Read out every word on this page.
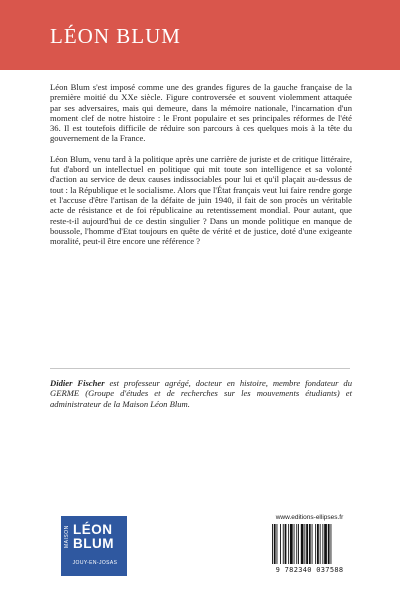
LÉON BLUM

Léon Blum s'est imposé comme une des grandes figures de la gauche française de la première moitié du XXe siècle. Figure controversée et souvent violemment attaquée par ses adversaires, mais qui demeure, dans la mémoire nationale, l'incarnation d'un moment clef de notre histoire : le Front populaire et ses principales réformes de l'été 36. Il est toutefois difficile de réduire son parcours à ces quelques mois à la tête du gouvernement de la France.

Léon Blum, venu tard à la politique après une carrière de juriste et de critique littéraire, fut d'abord un intellectuel en politique qui mit toute son intelligence et sa volonté d'action au service de deux causes indissociables pour lui et qu'il plaçait au-dessus de tout : la République et le socialisme. Alors que l'État français veut lui faire rendre gorge et l'accuse d'être l'artisan de la défaite de juin 1940, il fait de son procès un véritable acte de résistance et de foi républicaine au retentissement mondial. Pour autant, que reste-t-il aujourd'hui de ce destin singulier ? Dans un monde politique en manque de boussole, l'homme d'Etat toujours en quête de vérité et de justice, doté d'une exigeante moralité, peut-il être encore une référence ?

Didier Fischer est professeur agrégé, docteur en histoire, membre fondateur du GERME (Groupe d'études et de recherches sur les mouvements étudiants) et administrateur de la Maison Léon Blum.

MAISON LÉON
BLUM
JOUY-EN-JOSAS
www.editions-ellipses.fr
9 782340 037588
